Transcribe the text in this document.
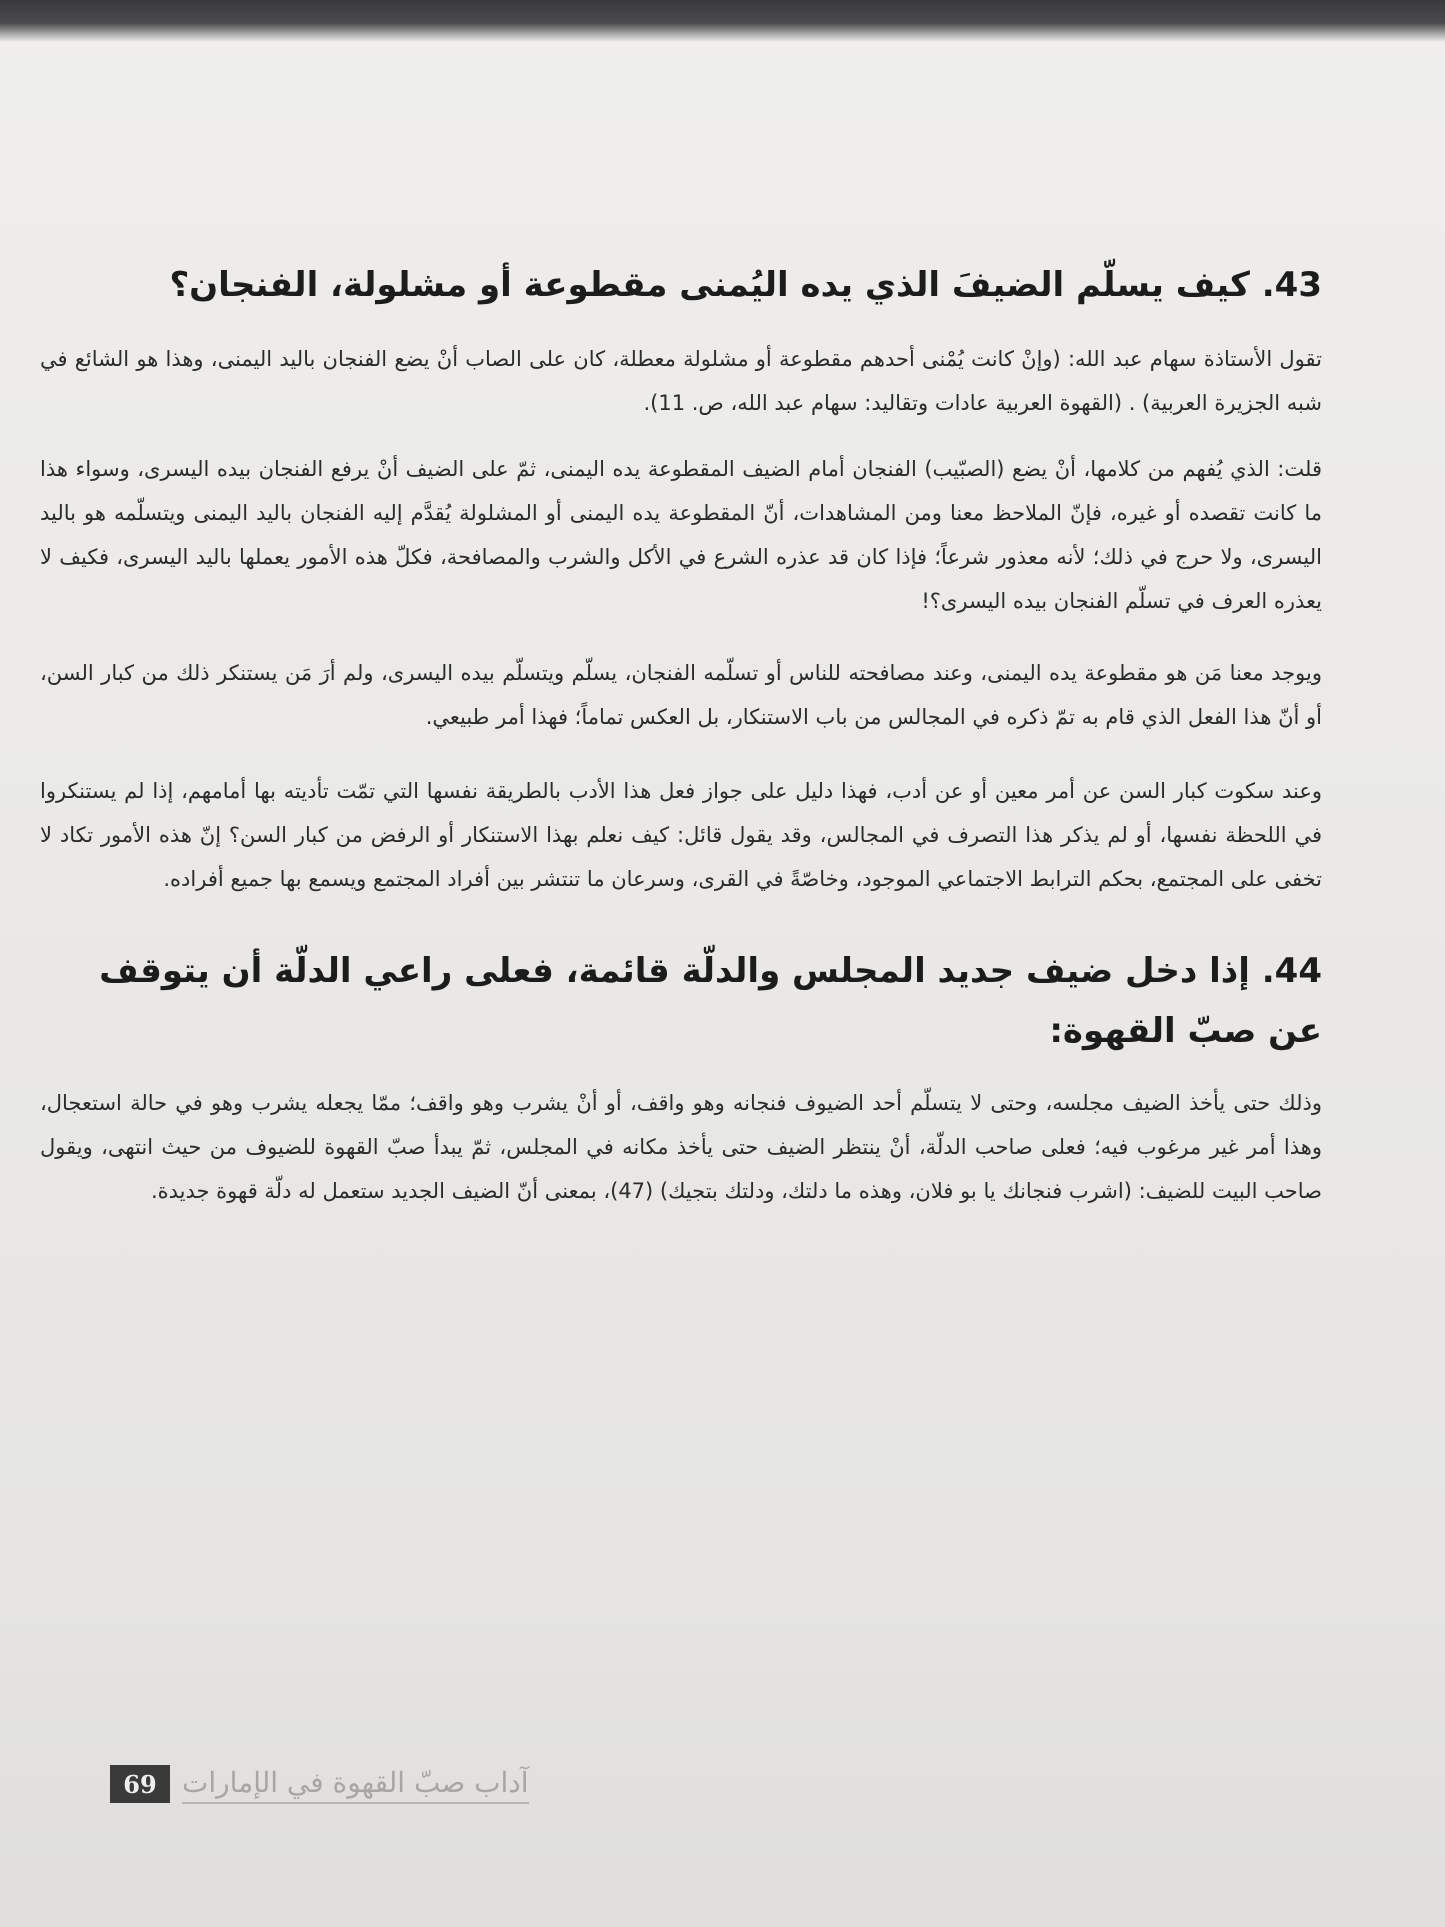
43. كيف يسلّم الضيفَ الذي يده اليُمنى مقطوعة أو مشلولة، الفنجان؟

تقول الأستاذة سهام عبد الله: (وإنْ كانت يُمْنى أحدهم مقطوعة أو مشلولة معطلة، كان على الصاب أنْ يضع الفنجان باليد اليمنى، وهذا هو الشائع في شبه الجزيرة العربية) . (القهوة العربية عادات وتقاليد: سهام عبد الله، ص. 11).

قلت: الذي يُفهم من كلامها، أنْ يضع (الصبّيب) الفنجان أمام الضيف المقطوعة يده اليمنى، ثمّ على الضيف أنْ يرفع الفنجان بيده اليسرى، وسواء هذا ما كانت تقصده أو غيره، فإنّ الملاحظ معنا ومن المشاهدات، أنّ المقطوعة يده اليمنى أو المشلولة يُقدَّم إليه الفنجان باليد اليمنى ويتسلّمه هو باليد اليسرى، ولا حرج في ذلك؛ لأنه معذور شرعاً؛ فإذا كان قد عذره الشرع في الأكل والشرب والمصافحة، فكلّ هذه الأمور يعملها باليد اليسرى، فكيف لا يعذره العرف في تسلّم الفنجان بيده اليسرى؟!

ويوجد معنا مَن هو مقطوعة يده اليمنى، وعند مصافحته للناس أو تسلّمه الفنجان، يسلّم ويتسلّم بيده اليسرى، ولم أرَ مَن يستنكر ذلك من كبار السن، أو أنّ هذا الفعل الذي قام به تمّ ذكره في المجالس من باب الاستنكار، بل العكس تماماً؛ فهذا أمر طبيعي.

وعند سكوت كبار السن عن أمر معين أو عن أدب، فهذا دليل على جواز فعل هذا الأدب بالطريقة نفسها التي تمّت تأديته بها أمامهم، إذا لم يستنكروا في اللحظة نفسها، أو لم يذكر هذا التصرف في المجالس، وقد يقول قائل: كيف نعلم بهذا الاستنكار أو الرفض من كبار السن؟ إنّ هذه الأمور تكاد لا تخفى على المجتمع، بحكم الترابط الاجتماعي الموجود، وخاصّةً في القرى، وسرعان ما تنتشر بين أفراد المجتمع ويسمع بها جميع أفراده.

44. إذا دخل ضيف جديد المجلس والدلّة قائمة، فعلى راعي الدلّة أن يتوقف عن صبّ القهوة:

وذلك حتى يأخذ الضيف مجلسه، وحتى لا يتسلّم أحد الضيوف فنجانه وهو واقف، أو أنْ يشرب وهو واقف؛ ممّا يجعله يشرب وهو في حالة استعجال، وهذا أمر غير مرغوب فيه؛ فعلى صاحب الدلّة، أنْ ينتظر الضيف حتى يأخذ مكانه في المجلس، ثمّ يبدأ صبّ القهوة للضيوف من حيث انتهى، ويقول صاحب البيت للضيف: (اشرب فنجانك يا بو فلان، وهذه ما دلتك، ودلتك بتجيك) (47)، بمعنى أنّ الضيف الجديد ستعمل له دلّة قهوة جديدة.

69 آداب صبّ القهوة في الإمارات
